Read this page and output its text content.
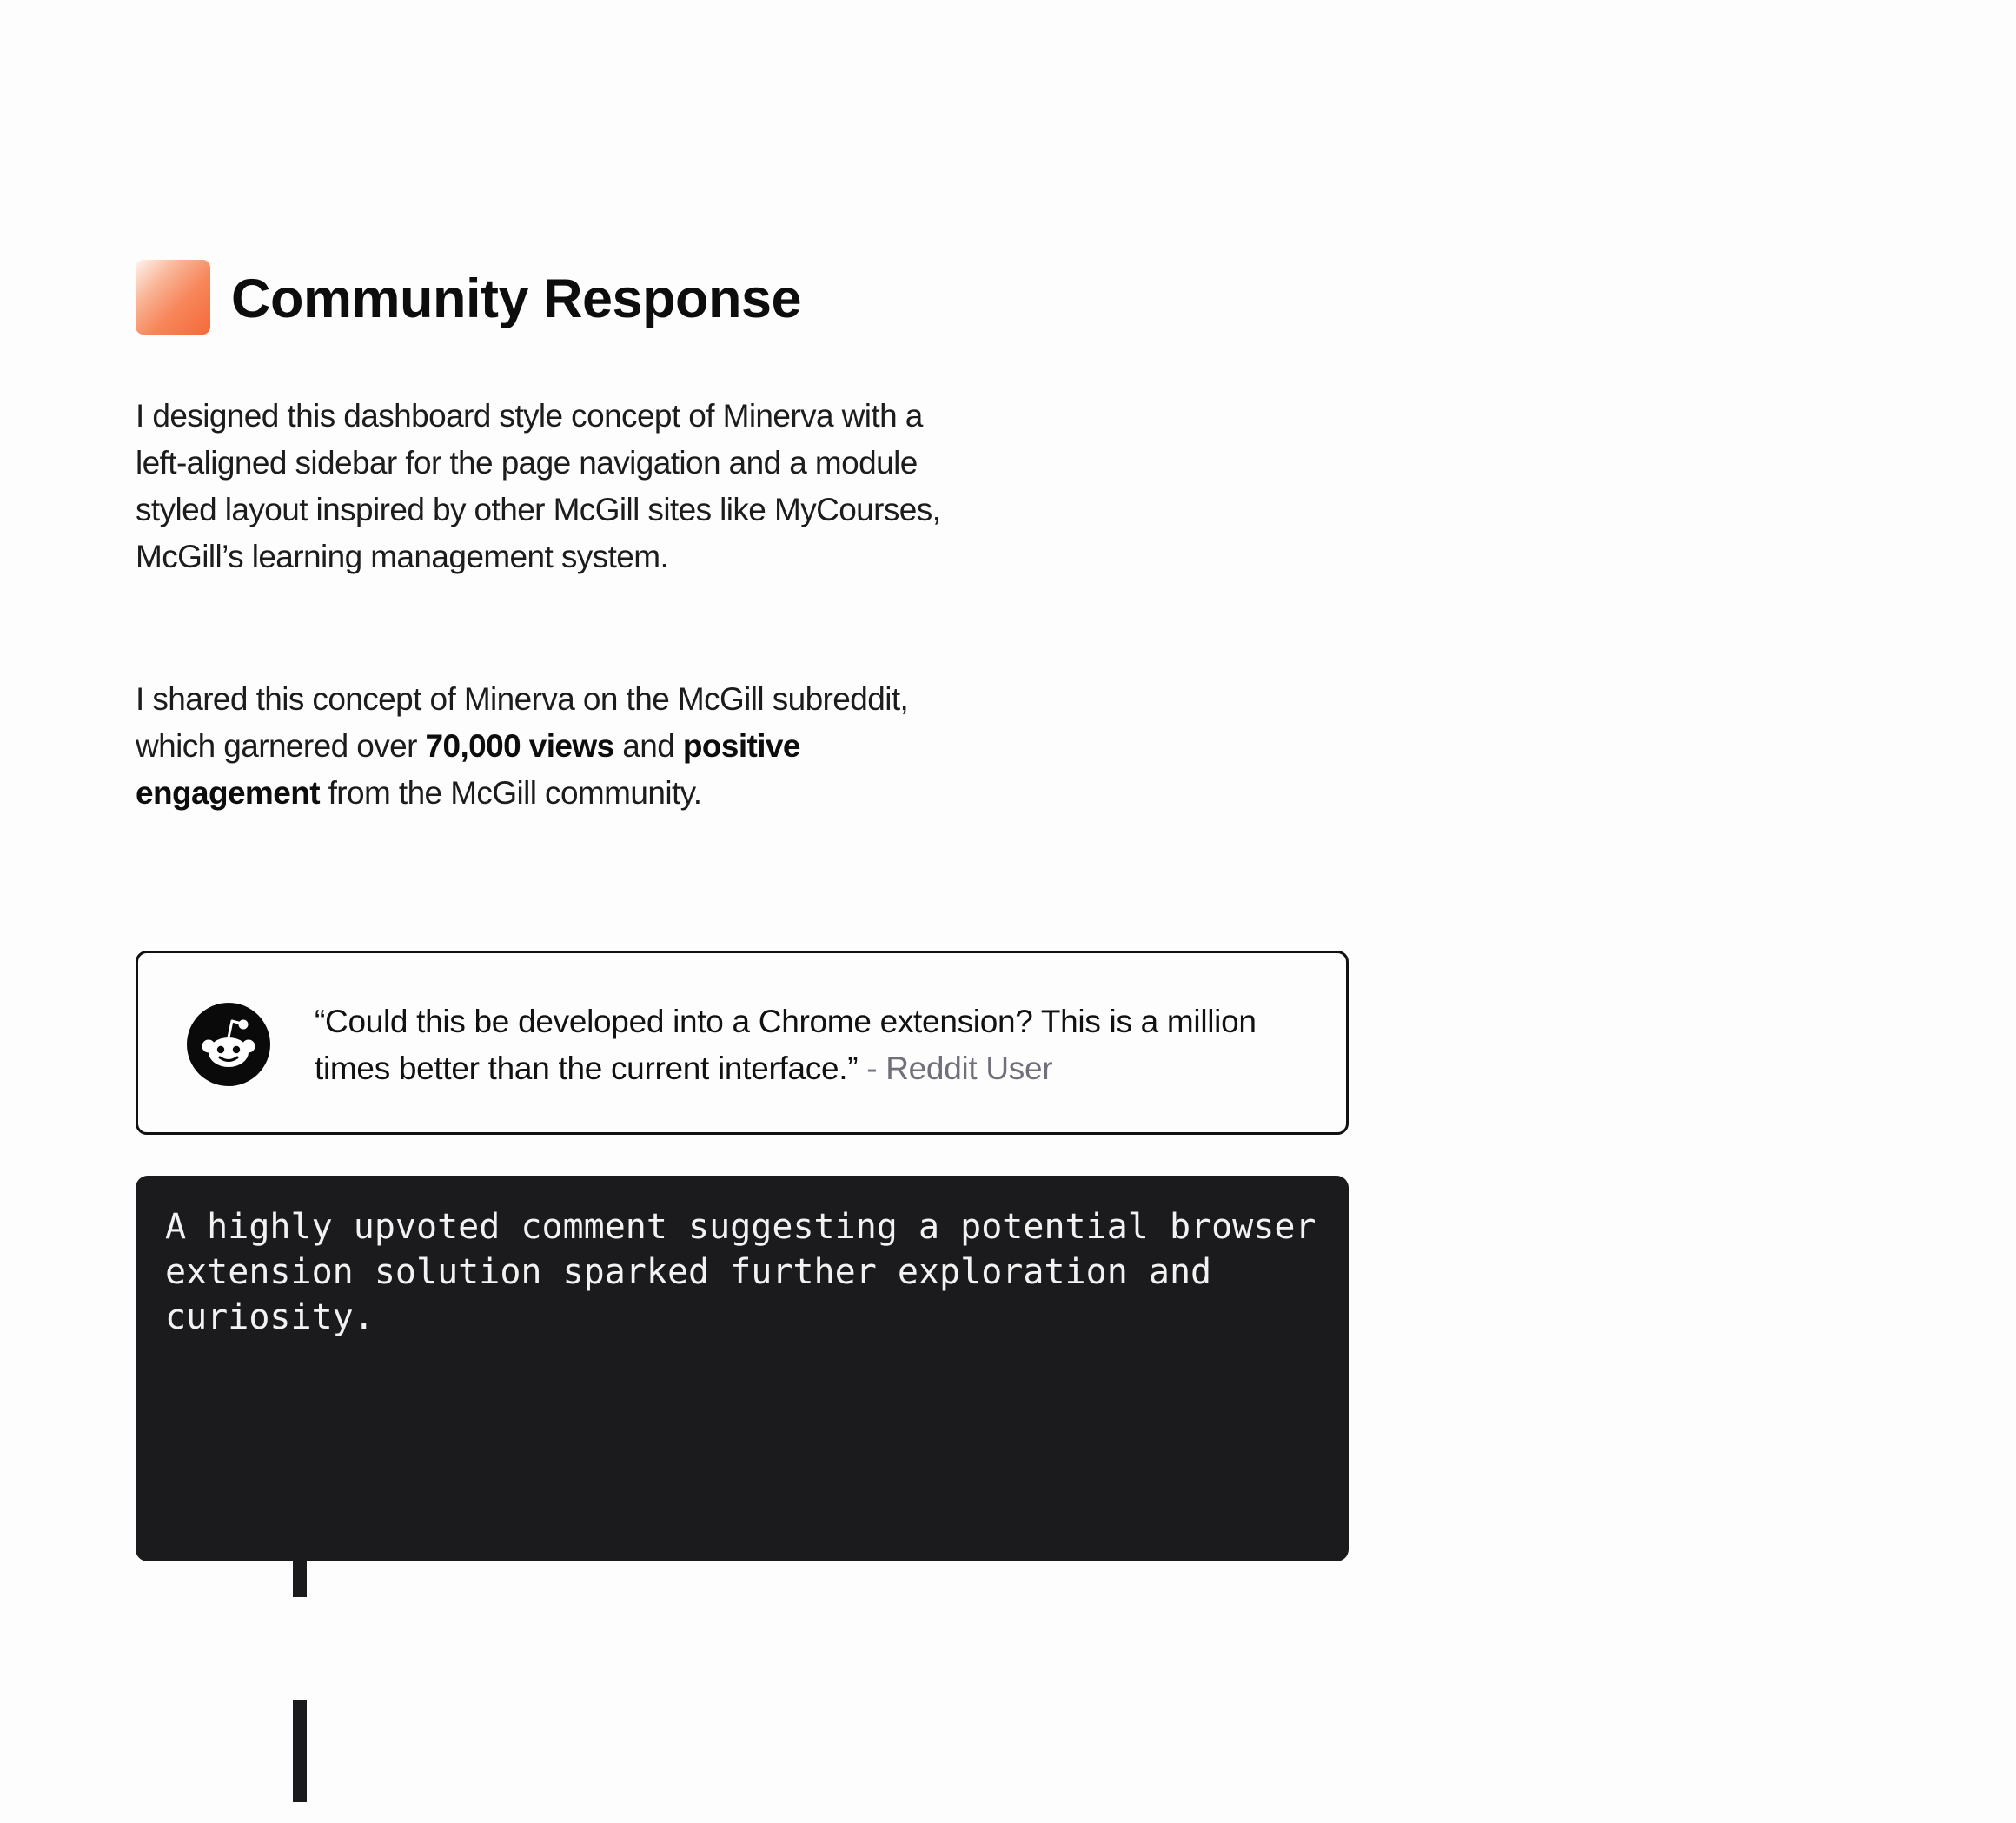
Community Response

I designed this dashboard style concept of Minerva with a left-aligned sidebar for the page navigation and a module styled layout inspired by other McGill sites like MyCourses, McGill’s learning management system.

I shared this concept of Minerva on the McGill subreddit, which garnered over 70,000 views and positive engagement from the McGill community.

“Could this be developed into a Chrome extension? This is a million times better than the current interface.” - Reddit User

A highly upvoted comment suggesting a potential browser extension solution sparked further exploration and curiosity.
